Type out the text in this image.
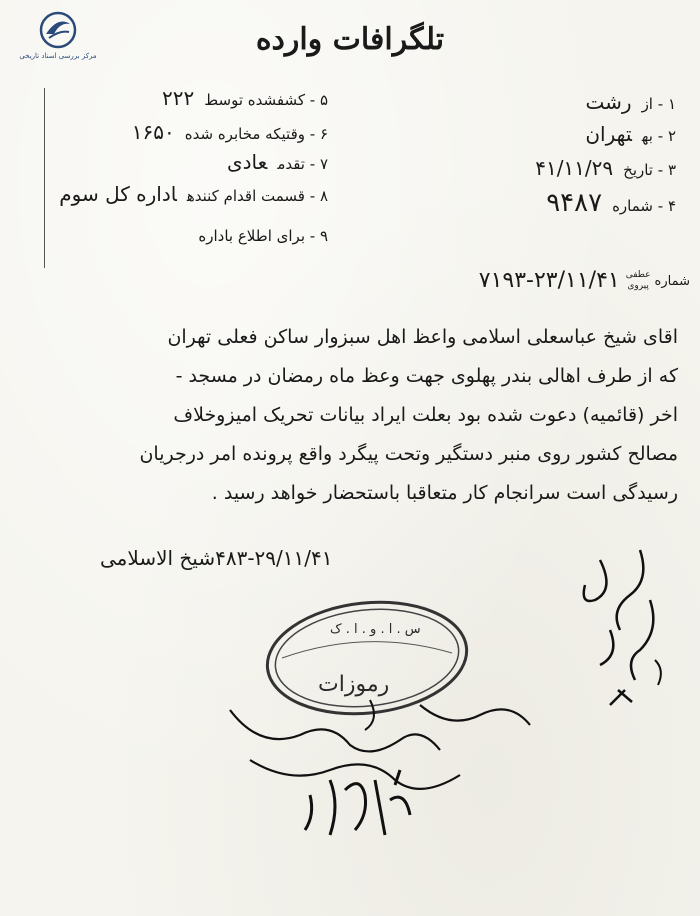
مرکز بررسی اسناد تاریخی	تلگرافات وارده
۵ - کشفشده توسط۲۲۲
۶ - وقتیکه مخابره شده۱۶۵۰
۷ - تقدمعادی
۸ - قسمت اقدام کنندهاداره کل سوم
۹ - برای اطلاع باداره
۱ - ازرشت
۲ - بهتهران
۳ - تاریخ۴۱/۱۱/۲۹
۴ - شماره۹۴۸۷
شمارهعطفی
پیروی۷۱۹۳-۲۳/۱۱/۴۱
اقای شیخ عباسعلی اسلامی واعظ اهل سبزوار ساکن فعلی تهران
که از طرف اهالی بندر پهلوی جهت وعظ ماه رمضان در مسجد -
اخر (قائمیه) دعوت شده بود بعلت ایراد بیانات تحریک امیزوخلاف
مصالح کشور روی منبر دستگیر وتحت پیگرد واقع پرونده امر درجریان
رسیدگی است سرانجام کار متعاقبا باستحضار خواهد رسید .
۴۸۳-۲۹/۱۱/۴۱شیخ الاسلامی
س . ا . و . ا . ک
رموزات
